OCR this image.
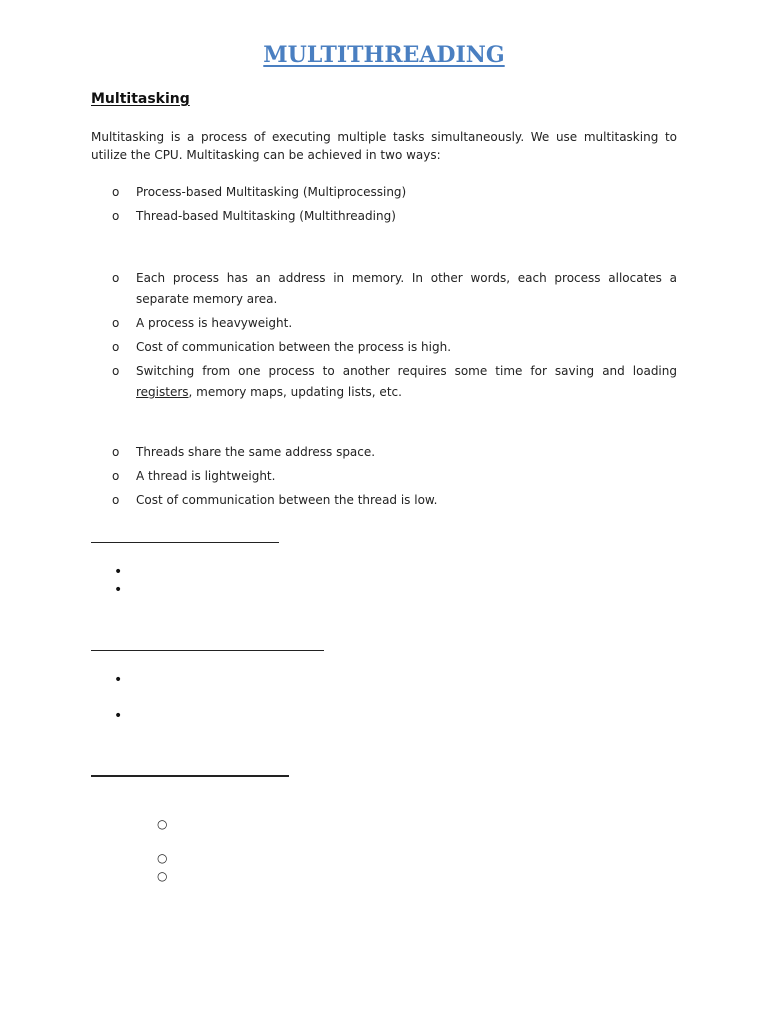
MULTITHREADING
Multitasking
Multitasking is a process of executing multiple tasks simultaneously. We use multitasking to utilize the CPU. Multitasking can be achieved in two ways:
o Process-based Multitasking (Multiprocessing)
o Thread-based Multitasking (Multithreading)
o Each process has an address in memory. In other words, each process allocates a separate memory area.
o A process is heavyweight.
o Cost of communication between the process is high.
o Switching from one process to another requires some time for saving and loading registers, memory maps, updating lists, etc.
o Threads share the same address space.
o A thread is lightweight.
o Cost of communication between the thread is low.
•
•
•
•
○
○
○
